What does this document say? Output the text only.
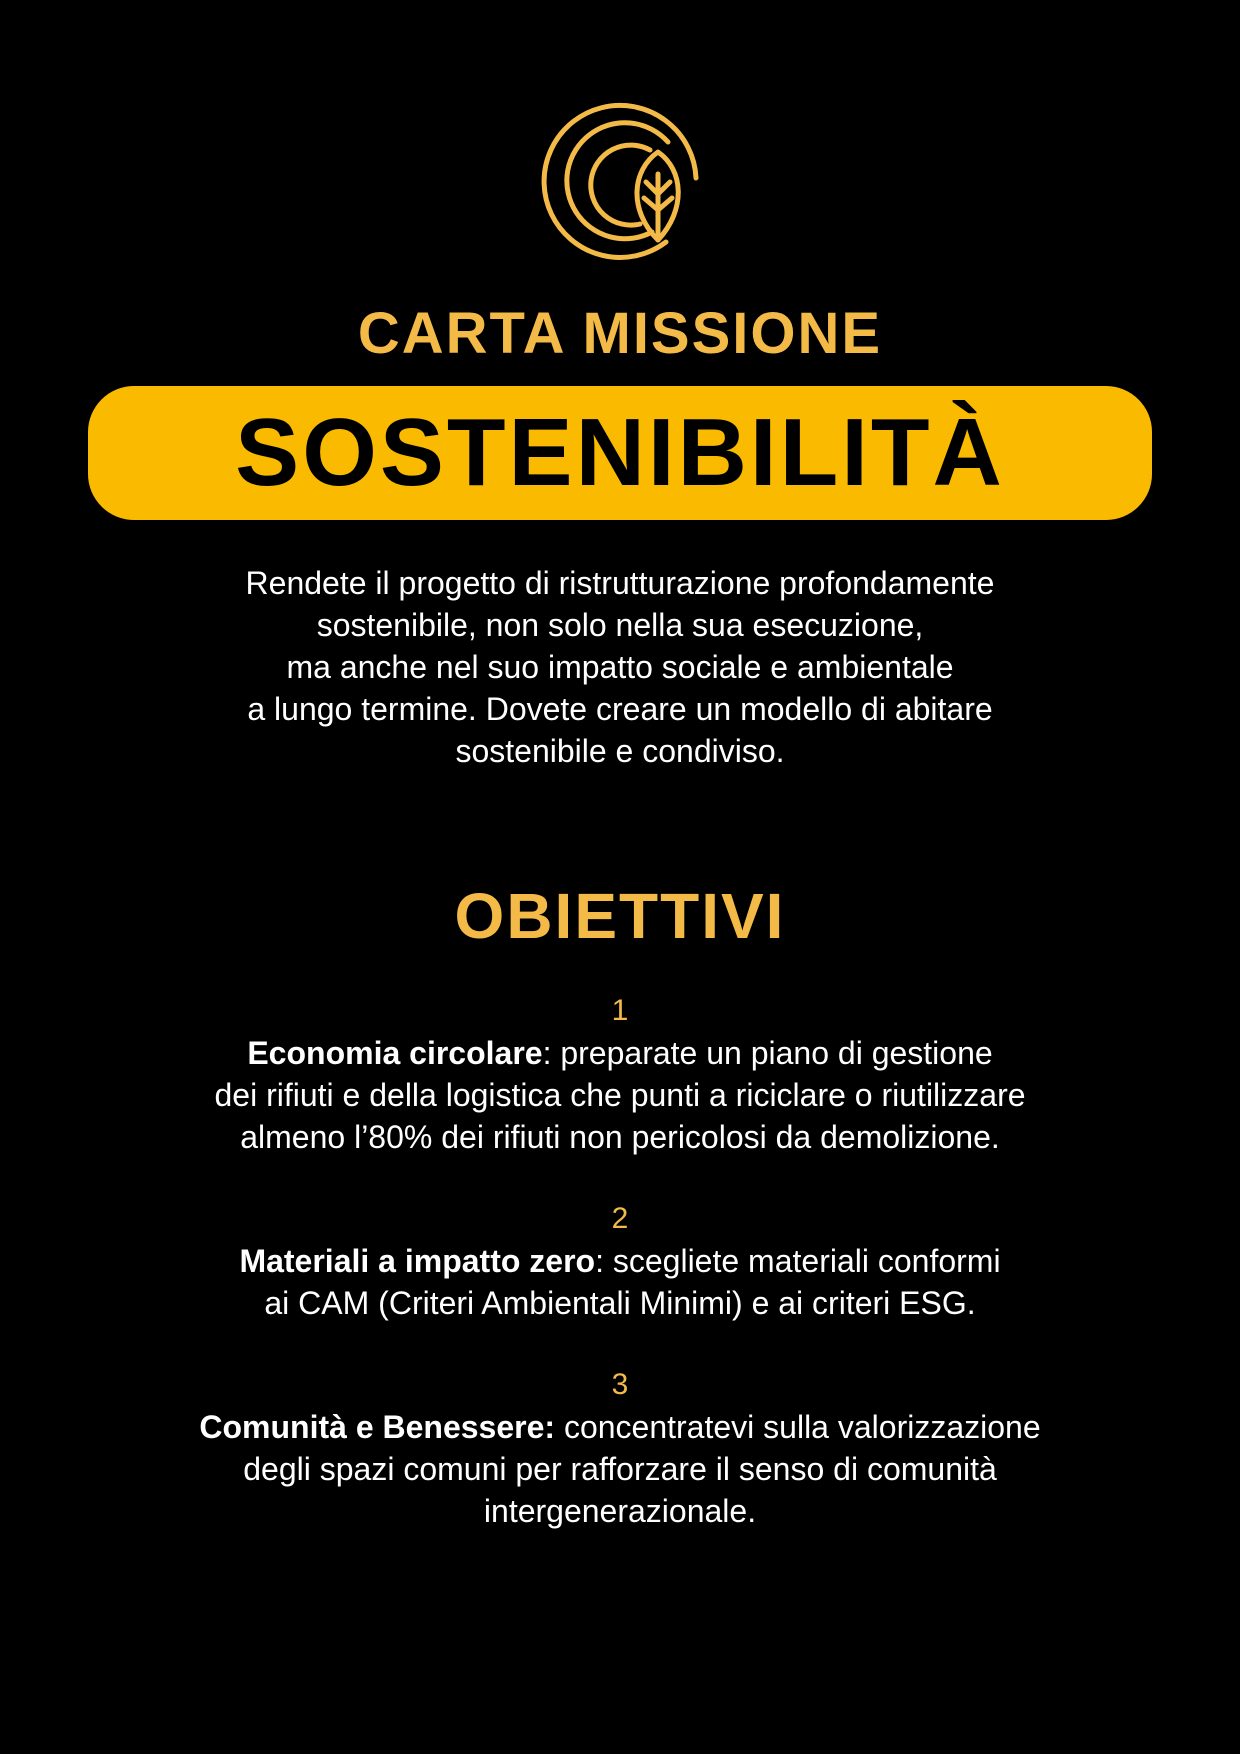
CARTA MISSIONE
SOSTENIBILITÀ
Rendete il progetto di ristrutturazione profondamente
sostenibile, non solo nella sua esecuzione,
ma anche nel suo impatto sociale e ambientale
a lungo termine. Dovete creare un modello di abitare
sostenibile e condiviso.
OBIETTIVI
1
Economia circolare: preparate un piano di gestione
dei rifiuti e della logistica che punti a riciclare o riutilizzare
almeno l’80% dei rifiuti non pericolosi da demolizione.
2
Materiali a impatto zero: scegliete materiali conformi
ai CAM (Criteri Ambientali Minimi) e ai criteri ESG.
3
Comunità e Benessere: concentratevi sulla valorizzazione
degli spazi comuni per rafforzare il senso di comunità
intergenerazionale.
